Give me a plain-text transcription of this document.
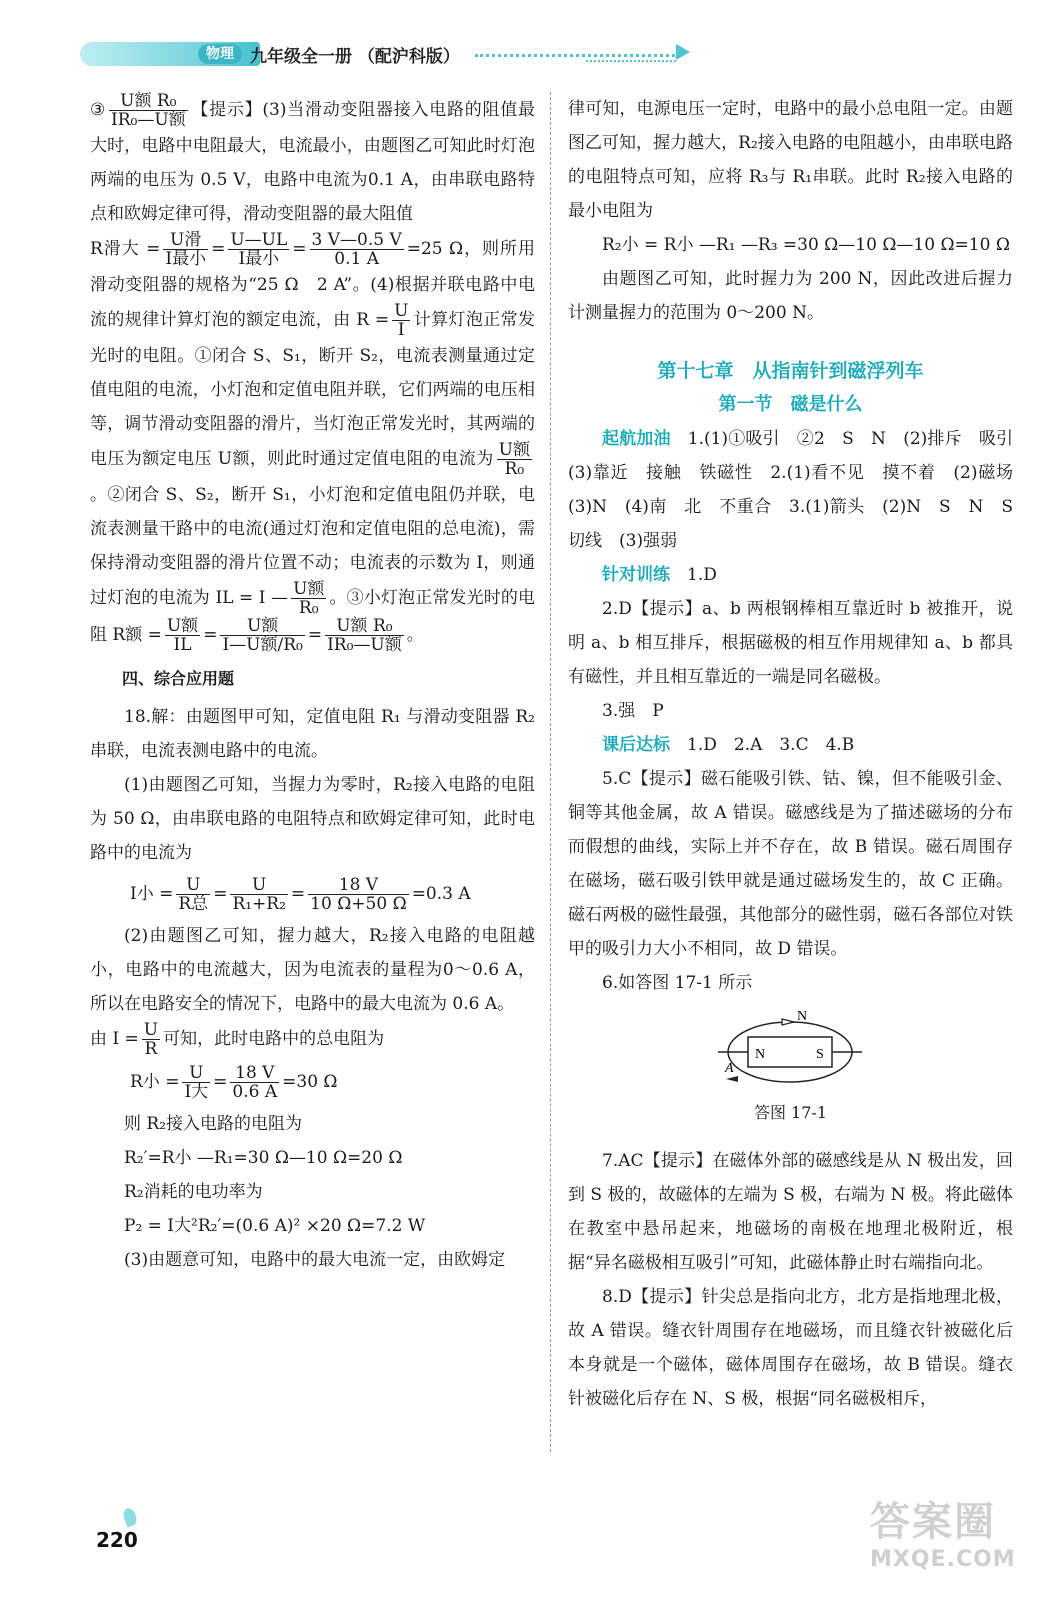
物理 九年级全一册 （配沪科版）

③ $\frac{\text{U额 R₀}}{\text{IR₀—U额}}$ 【提示】(3)当滑动变阻器接入电路的阻值最大时，电路中电阻最大，电流最小，由题图乙可知此时灯泡两端的电压为 0.5 V，电路中电流为0.1 A，由串联电路特点和欧姆定律可得，滑动变阻器的最大阻值

R滑大 = $\frac{\text{U滑}}{\text{I最小}} = \frac{U—UL}{\text{I最小}} = \frac{3 V—0.5 V}{0.1 A} =25$ Ω，则所用滑动变阻器的规格为“25 Ω　2 A”。(4)根据并联电路中电流的规律计算灯泡的额定电流，由 $R = \frac{U}{I}$ 计算灯泡正常发光时的电阻。①闭合 S、S₁，断开 S₂，电流表测量通过定值电阻的电流，小灯泡和定值电阻并联，它们两端的电压相等，调节滑动变阻器的滑片，当灯泡正常发光时，其两端的电压为额定电压 U额，则此时通过定值电阻的电流为 $\frac{\text{U额}}{\text{R₀}}$
。②闭合 S、S₂，断开 S₁，小灯泡和定值电阻仍并联，电流表测量干路中的电流(通过灯泡和定值电阻的总电流)，需保持滑动变阻器的滑片位置不动；电流表的示数为 I，则通过灯泡的电流为 IL = I — $\frac{\text{U额}}{\text{R₀}}$ 。③小灯泡正常发光时的电阻 R额 = $\frac{\text{U额}}{IL} = \frac{\text{U额}}{\text{I—U额/R₀}} = \frac{\text{U额 R₀}}{\text{IR₀—U额}}$ 。

四、综合应用题

18.解：由题图甲可知，定值电阻 R₁ 与滑动变阻器 R₂ 串联，电流表测电路中的电流。

(1)由题图乙可知，当握力为零时，R₂接入电路的电阻为 50 Ω，由串联电路的电阻特点和欧姆定律可知，此时电路中的电流为

I小 = $\frac{U}{\text{R总}} = \frac{U}{\text{R₁+R₂}} = \frac{18 V}{10 \Omega+50 \Omega} =0.3$ A

(2)由题图乙可知，握力越大，R₂接入电路的电阻越小，电路中的电流越大，因为电流表的量程为0～0.6 A，所以在电路安全的情况下，电路中的最大电流为 0.6 A。

由 $I = \frac{U}{R}$ 可知，此时电路中的总电阻为

R小 = $\frac{U}{\text{I大}} = \frac{18 V}{0.6 A} =30$ Ω

则 R₂接入电路的电阻为

R₂′=R小 —R₁=30 Ω—10 Ω=20 Ω

R₂消耗的电功率为

P₂ = I大²R₂′=(0.6 A)² ×20 Ω=7.2 W

(3)由题意可知，电路中的最大电流一定，由欧姆定

律可知，电源电压一定时，电路中的最小总电阻一定。由题图乙可知，握力越大，R₂接入电路的电阻越小，由串联电路的电阻特点可知，应将 R₃与 R₁串联。此时 R₂接入电路的最小电阻为

R₂小 = R小 —R₁ —R₃ =30 Ω—10 Ω—10 Ω=10 Ω

由题图乙可知，此时握力为 200 N，因此改进后握力计测量握力的范围为 0～200 N。

第十七章　从指南针到磁浮列车
第一节　磁是什么

起航加油　 1.(1)①吸引　②2　S　N　(2)排斥　吸引　(3)靠近　接触　铁磁性　2.(1)看不见　摸不着　(2)磁场　(3)N　(4)南　北　不重合　3.(1)箭头　(2)N　S　N　S　切线　(3)强弱

针对训练　 1.D

2.D【提示】a、b 两根钢棒相互靠近时 b 被推开，说明 a、b 相互排斥，根据磁极的相互作用规律知 a、b 都具有磁性，并且相互靠近的一端是同名磁极。

3.强　P

课后达标　 1.D　2.A　3.C　4.B

5.C【提示】磁石能吸引铁、钴、镍，但不能吸引金、铜等其他金属，故 A 错误。磁感线是为了描述磁场的分布而假想的曲线，实际上并不存在，故 B 错误。磁石周围存在磁场，磁石吸引铁甲就是通过磁场发生的，故 C 正确。磁石两极的磁性最强，其他部分的磁性弱，磁石各部位对铁甲的吸引力大小不相同，故 D 错误。

6.如答图 17-1 所示

N
N	S
A
答图 17-1

7.AC【提示】在磁体外部的磁感线是从 N 极出发，回到 S 极的，故磁体的左端为 S 极，右端为 N 极。将此磁体在教室中悬吊起来，地磁场的南极在地理北极附近，根据“异名磁极相互吸引”可知，此磁体静止时右端指向北。

8.D【提示】针尖总是指向北方，北方是指地理北极，故 A 错误。缝衣针周围存在地磁场，而且缝衣针被磁化后本身就是一个磁体，磁体周围存在磁场，故 B 错误。缝衣针被磁化后存在 N、S 极，根据“同名磁极相斥，

220	答案圈
MXQE.COM
